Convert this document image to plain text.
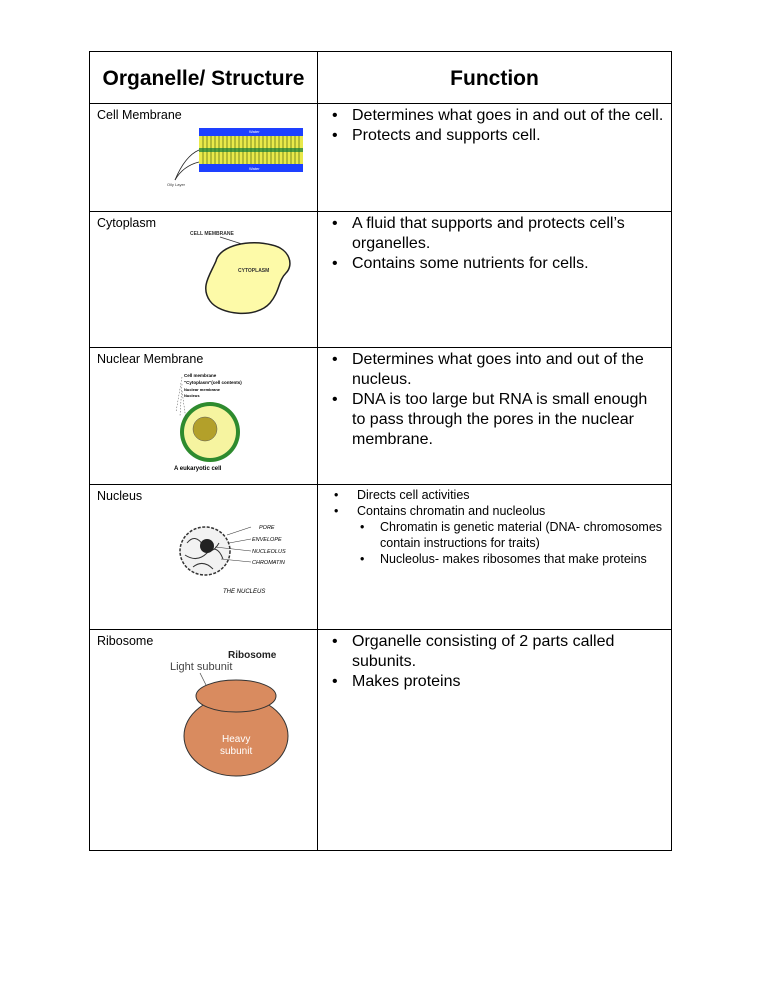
Organelle/ Structure	Function
Cell Membrane
Water
Water
Oily Layer
• Determines what goes in and out of the cell.
• Protects and supports cell.
Cytoplasm
CELL MEMBRANE
CYTOPLASM
• A fluid that supports and protects cell’s organelles.
• Contains some nutrients for cells.
Nuclear Membrane
Cell membrane
"Cytoplasm"(cell contents)
Nuclear membrane
Nucleus
A eukaryotic cell
• Determines what goes into and out of the nucleus.
• DNA is too large but RNA is small enough to pass through the pores in the nuclear membrane.
Nucleus
PORE
ENVELOPE
NUCLEOLUS
CHROMATIN
THE NUCLEUS
• Directs cell activities
• Contains chromatin and nucleolus
• Chromatin is genetic material (DNA- chromosomes contain instructions for traits)
• Nucleolus- makes ribosomes that make proteins
Ribosome
Ribosome
Light subunit
Heavy subunit
• Organelle consisting of 2 parts called subunits.
• Makes proteins
